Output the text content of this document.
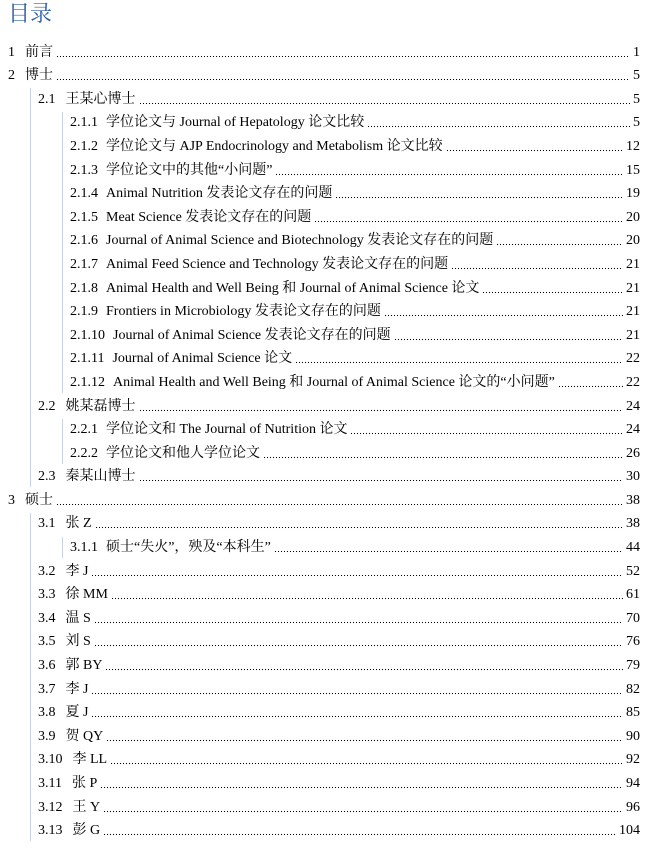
目录
1 前言	1
2 博士	5
2.1 王某心博士	5
2.1.1 学位论文与 Journal of Hepatology 论文比较	5
2.1.2 学位论文与 AJP Endocrinology and Metabolism 论文比较	12
2.1.3 学位论文中的其他“小问题”	15
2.1.4 Animal Nutrition 发表论文存在的问题	19
2.1.5 Meat Science 发表论文存在的问题	20
2.1.6 Journal of Animal Science and Biotechnology 发表论文存在的问题	20
2.1.7 Animal Feed Science and Technology 发表论文存在的问题	21
2.1.8 Animal Health and Well Being 和 Journal of Animal Science 论文	21
2.1.9 Frontiers in Microbiology 发表论文存在的问题	21
2.1.10 Journal of Animal Science 发表论文存在的问题	21
2.1.11 Journal of Animal Science 论文	22
2.1.12 Animal Health and Well Being 和 Journal of Animal Science 论文的“小问题”	22
2.2 姚某磊博士	24
2.2.1 学位论文和 The Journal of Nutrition 论文	24
2.2.2 学位论文和他人学位论文	26
2.3 秦某山博士	30
3 硕士	38
3.1 张 Z	38
3.1.1 硕士“失火”，殃及“本科生”	44
3.2 李 J	52
3.3 徐 MM	61
3.4 温 S	70
3.5 刘 S	76
3.6 郭 BY	79
3.7 李 J	82
3.8 夏 J	85
3.9 贺 QY	90
3.10 李 LL	92
3.11 张 P	94
3.12 王 Y	96
3.13 彭 G	104
